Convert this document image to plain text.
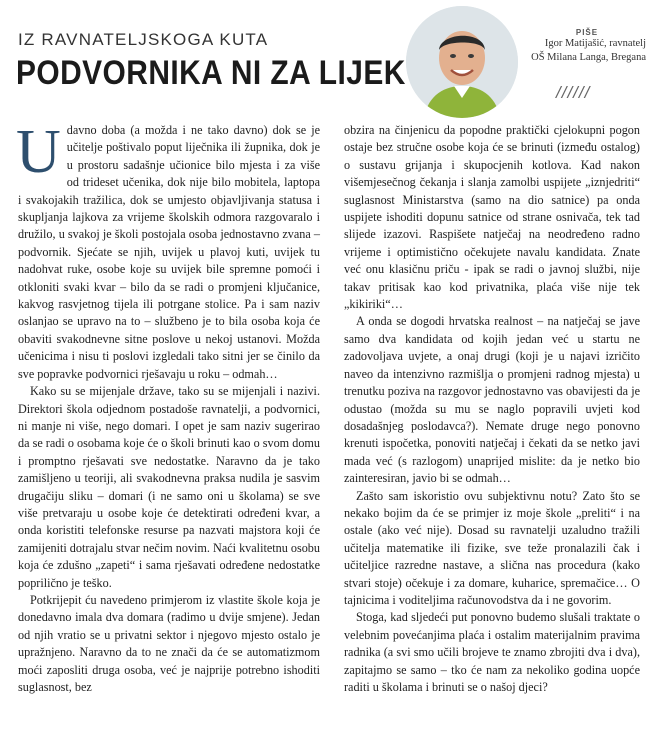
IZ RAVNATELJSKOGA KUTA
PODVORNIKA NI ZA LIJEK
PIŠE
Igor Matijašić, ravnatelj
OŠ Milana Langa, Bregana
//////

Udavno doba (a možda i ne tako davno) dok se je učitelje poštivalo poput liječnika ili župnika, dok je u prostoru sadašnje učionice bilo mjesta i za više od trideset učenika, dok nije bilo mobitela, laptopa i svakojakih tražilica, dok se umjesto objavljivanja statusa i skupljanja lajkova za vrijeme školskih odmora razgovaralo i družilo, u svakoj je školi postojala osoba jednostavno zvana – podvornik. Sjećate se njih, uvijek u plavoj kuti, uvijek tu nadohvat ruke, osobe koje su uvijek bile spremne pomoći i otkloniti svaki kvar – bilo da se radi o promjeni ključanice, kakvog rasvjetnog tijela ili potrgane stolice. Pa i sam naziv oslanjao se upravo na to – službeno je to bila osoba koja će obaviti svakodnevne sitne poslove u nekoj ustanovi. Možda učenicima i nisu ti poslovi izgledali tako sitni jer se činilo da sve popravke podvornici rješavaju u roku – odmah…

Kako su se mijenjale države, tako su se mijenjali i nazivi. Direktori škola odjednom postadoše ravnatelji, a podvornici, ni manje ni više, nego domari. I opet je sam naziv sugerirao da se radi o osobama koje će o školi brinuti kao o svom domu i promptno rješavati sve nedostatke. Naravno da je tako zamišljeno u teoriji, ali svakodnevna praksa nudila je sasvim drugačiju sliku – domari (i ne samo oni u školama) se sve više pretvaraju u osobe koje će detektirati određeni kvar, a onda koristiti telefonske resurse pa nazvati majstora koji će zamijeniti dotrajalu stvar nečim novim. Naći kvalitetnu osobu koja će zdušno „zapeti“ i sama rješavati određene nedostatke poprilično je teško.

Potkrijepit ću navedeno primjerom iz vlastite škole koja je donedavno imala dva domara (radimo u dvije smjene). Jedan od njih vratio se u privatni sektor i njegovo mjesto ostalo je upražnjeno. Naravno da to ne znači da će se automatizmom moći zaposliti druga osoba, već je najprije potrebno ishoditi suglasnost, bez

obzira na činjenicu da popodne praktički cjelokupni pogon ostaje bez stručne osobe koja će se brinuti (između ostalog) o sustavu grijanja i skupocjenih kotlova. Kad nakon višemjesečnog čekanja i slanja zamolbi uspijete „iznjedriti“ suglasnost Ministarstva (samo na dio satnice) pa onda uspijete ishoditi dopunu satnice od strane osnivača, tek tad slijede izazovi. Raspišete natječaj na neodređeno radno vrijeme i optimistično očekujete navalu kandidata. Znate već onu klasičnu priču - ipak se radi o javnoj službi, nije takav pritisak kao kod privatnika, plaća više nije tek „kikiriki“…

A onda se dogodi hrvatska realnost – na natječaj se jave samo dva kandidata od kojih jedan već u startu ne zadovoljava uvjete, a onaj drugi (koji je u najavi izričito naveo da intenzivno razmišlja o promjeni radnog mjesta) u trenutku poziva na razgovor jednostavno vas obavijesti da je odustao (možda su mu se naglo popravili uvjeti kod dosadašnjeg poslodavca?). Nemate druge nego ponovno krenuti ispočetka, ponoviti natječaj i čekati da se netko javi mada već (s razlogom) unaprijed mislite: da je netko bio zainteresiran, javio bi se odmah…

Zašto sam iskoristio ovu subjektivnu notu? Zato što se nekako bojim da će se primjer iz moje škole „preliti“ i na ostale (ako već nije). Dosad su ravnatelji uzaludno tražili učitelja matematike ili fizike, sve teže pronalazili čak i učiteljice razredne nastave, a slična nas procedura (kako stvari stoje) očekuje i za domare, kuharice, spremačice… O tajnicima i voditeljima računovodstva da i ne govorim.

Stoga, kad sljedeći put ponovno budemo slušali traktate o velebnim povećanjima plaća i ostalim materijalnim pravima radnika (a svi smo učili brojeve te znamo zbrojiti dva i dva), zapitajmo se samo – tko će nam za nekoliko godina uopće raditi u školama i brinuti se o našoj djeci?
